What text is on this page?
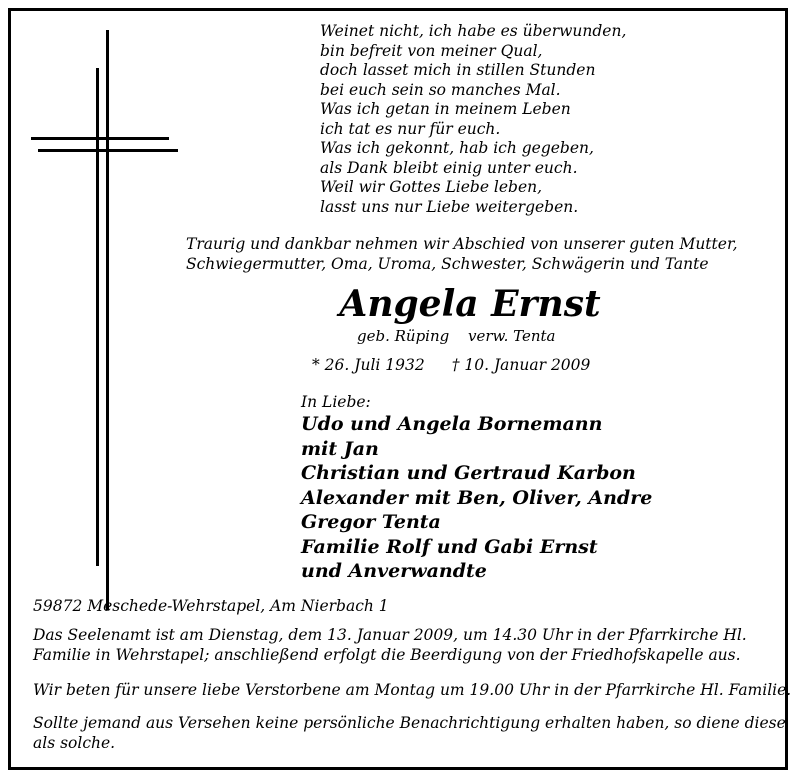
Weinet nicht, ich habe es überwunden,
bin befreit von meiner Qual,
doch lasset mich in stillen Stunden
bei euch sein so manches Mal.
Was ich getan in meinem Leben
ich tat es nur für euch.
Was ich gekonnt, hab ich gegeben,
als Dank bleibt einig unter euch.
Weil wir Gottes Liebe leben,
lasst uns nur Liebe weitergeben.
Traurig und dankbar nehmen wir Abschied von unserer guten Mutter,
Schwiegermutter, Oma, Uroma, Schwester, Schwägerin und Tante
Angela Ernst
geb. Rüping verw. Tenta
* 26. Juli 1932 † 10. Januar 2009
In Liebe:
Udo und Angela Bornemann
mit Jan
Christian und Gertraud Karbon
Alexander mit Ben, Oliver, Andre
Gregor Tenta
Familie Rolf und Gabi Ernst
und Anverwandte
59872 Meschede-Wehrstapel, Am Nierbach 1
Das Seelenamt ist am Dienstag, dem 13. Januar 2009, um 14.30 Uhr in der Pfarrkirche Hl.
Familie in Wehrstapel; anschließend erfolgt die Beerdigung von der Friedhofskapelle aus.
Wir beten für unsere liebe Verstorbene am Montag um 19.00 Uhr in der Pfarrkirche Hl. Familie.
Sollte jemand aus Versehen keine persönliche Benachrichtigung erhalten haben, so diene diese
als solche.
